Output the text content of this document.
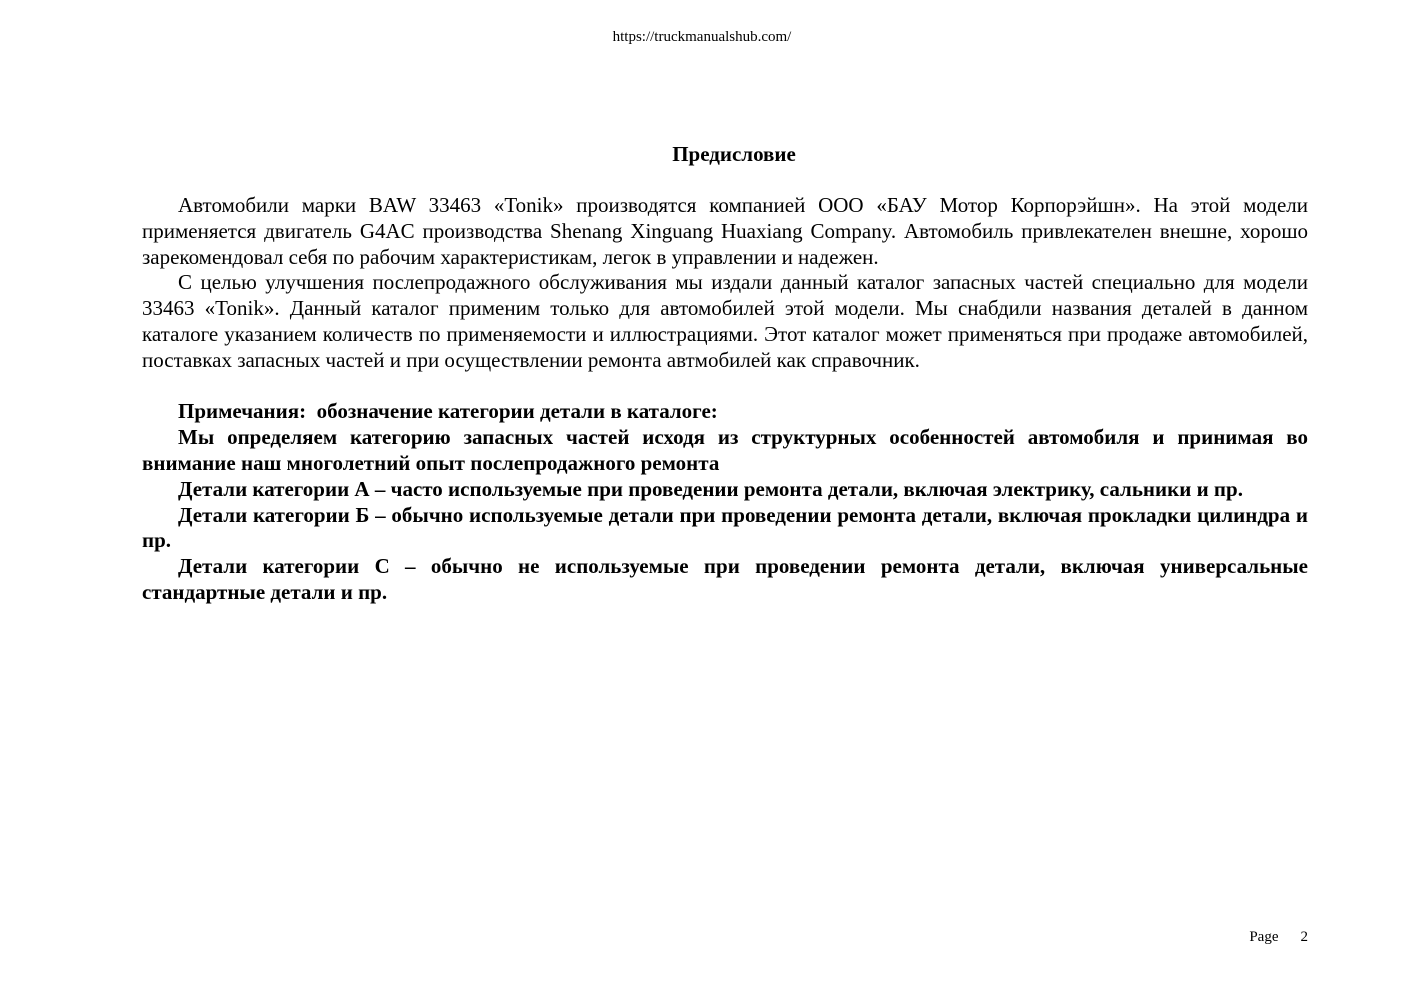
https://truckmanualshub.com/
Предисловие

Автомобили марки BAW 33463 «Tonik» производятся компанией ООО «БАУ Мотор Корпорэйшн». На этой модели применяется двигатель G4AC производства Shenang Xinguang Huaxiang Company. Автомобиль привлекателен внешне, хорошо зарекомендовал себя по рабочим характеристикам, легок в управлении и надежен.

С целью улучшения послепродажного обслуживания мы издали данный каталог запасных частей специально для модели 33463 «Tonik». Данный каталог применим только для автомобилей этой модели. Мы снабдили названия деталей в данном каталоге указанием количеств по применяемости и иллюстрациями. Этот каталог может применяться при продаже автомобилей, поставках запасных частей и при осуществлении ремонта автмобилей как справочник.

Примечания:  обозначение категории детали в каталоге:

Мы определяем категорию запасных частей исходя из структурных особенностей автомобиля и принимая во внимание наш многолетний опыт послепродажного ремонта

Детали категории А – часто используемые при проведении ремонта детали, включая электрику, сальники и пр.

Детали категории Б – обычно используемые детали при проведении ремонта детали, включая прокладки цилиндра и пр.

Детали категории С – обычно не используемые при проведении ремонта детали, включая универсальные стандартные детали и пр.

Page 2
